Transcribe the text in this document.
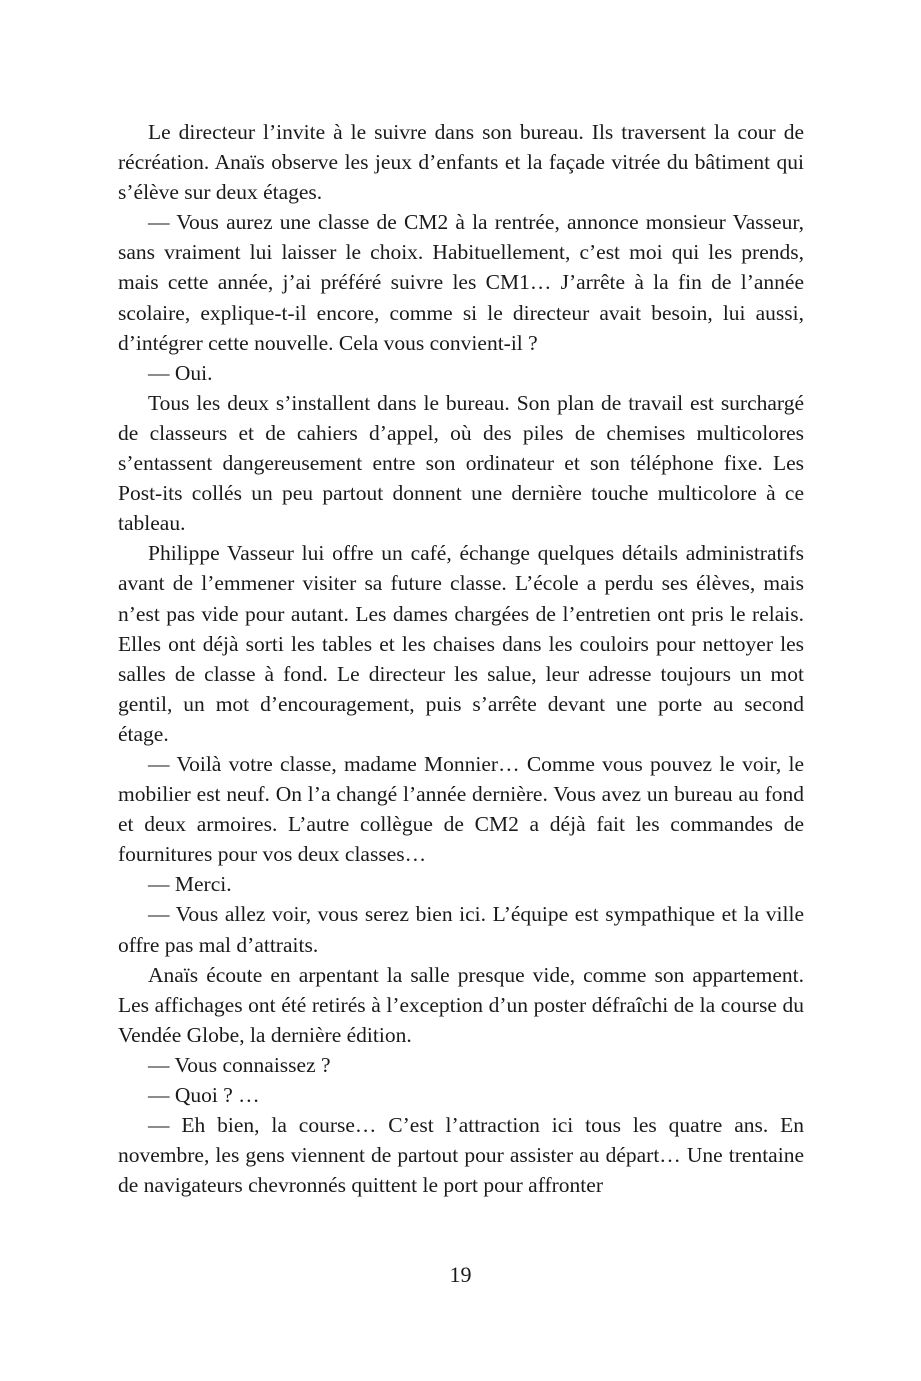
Le directeur l’invite à le suivre dans son bureau. Ils traversent la cour de récréation. Anaïs observe les jeux d’enfants et la façade vitrée du bâtiment qui s’élève sur deux étages.

— Vous aurez une classe de CM2 à la rentrée, annonce monsieur Vasseur, sans vraiment lui laisser le choix. Habituellement, c’est moi qui les prends, mais cette année, j’ai préféré suivre les CM1… J’arrête à la fin de l’année scolaire, explique-t-il encore, comme si le directeur avait besoin, lui aussi, d’intégrer cette nouvelle. Cela vous convient-il ?

— Oui.

Tous les deux s’installent dans le bureau. Son plan de travail est surchargé de classeurs et de cahiers d’appel, où des piles de chemises multicolores s’entassent dangereusement entre son ordinateur et son téléphone fixe. Les Post-its collés un peu partout donnent une dernière touche multicolore à ce tableau.

Philippe Vasseur lui offre un café, échange quelques détails administratifs avant de l’emmener visiter sa future classe. L’école a perdu ses élèves, mais n’est pas vide pour autant. Les dames chargées de l’entretien ont pris le relais. Elles ont déjà sorti les tables et les chaises dans les couloirs pour nettoyer les salles de classe à fond. Le directeur les salue, leur adresse toujours un mot gentil, un mot d’encouragement, puis s’arrête devant une porte au second étage.

— Voilà votre classe, madame Monnier… Comme vous pouvez le voir, le mobilier est neuf. On l’a changé l’année dernière. Vous avez un bureau au fond et deux armoires. L’autre collègue de CM2 a déjà fait les commandes de fournitures pour vos deux classes…

— Merci.

— Vous allez voir, vous serez bien ici. L’équipe est sympathique et la ville offre pas mal d’attraits.

Anaïs écoute en arpentant la salle presque vide, comme son appartement. Les affichages ont été retirés à l’exception d’un poster défraîchi de la course du Vendée Globe, la dernière édition.

— Vous connaissez ?

— Quoi ? …

— Eh bien, la course… C’est l’attraction ici tous les quatre ans. En novembre, les gens viennent de partout pour assister au départ… Une trentaine de navigateurs chevronnés quittent le port pour affronter

19
